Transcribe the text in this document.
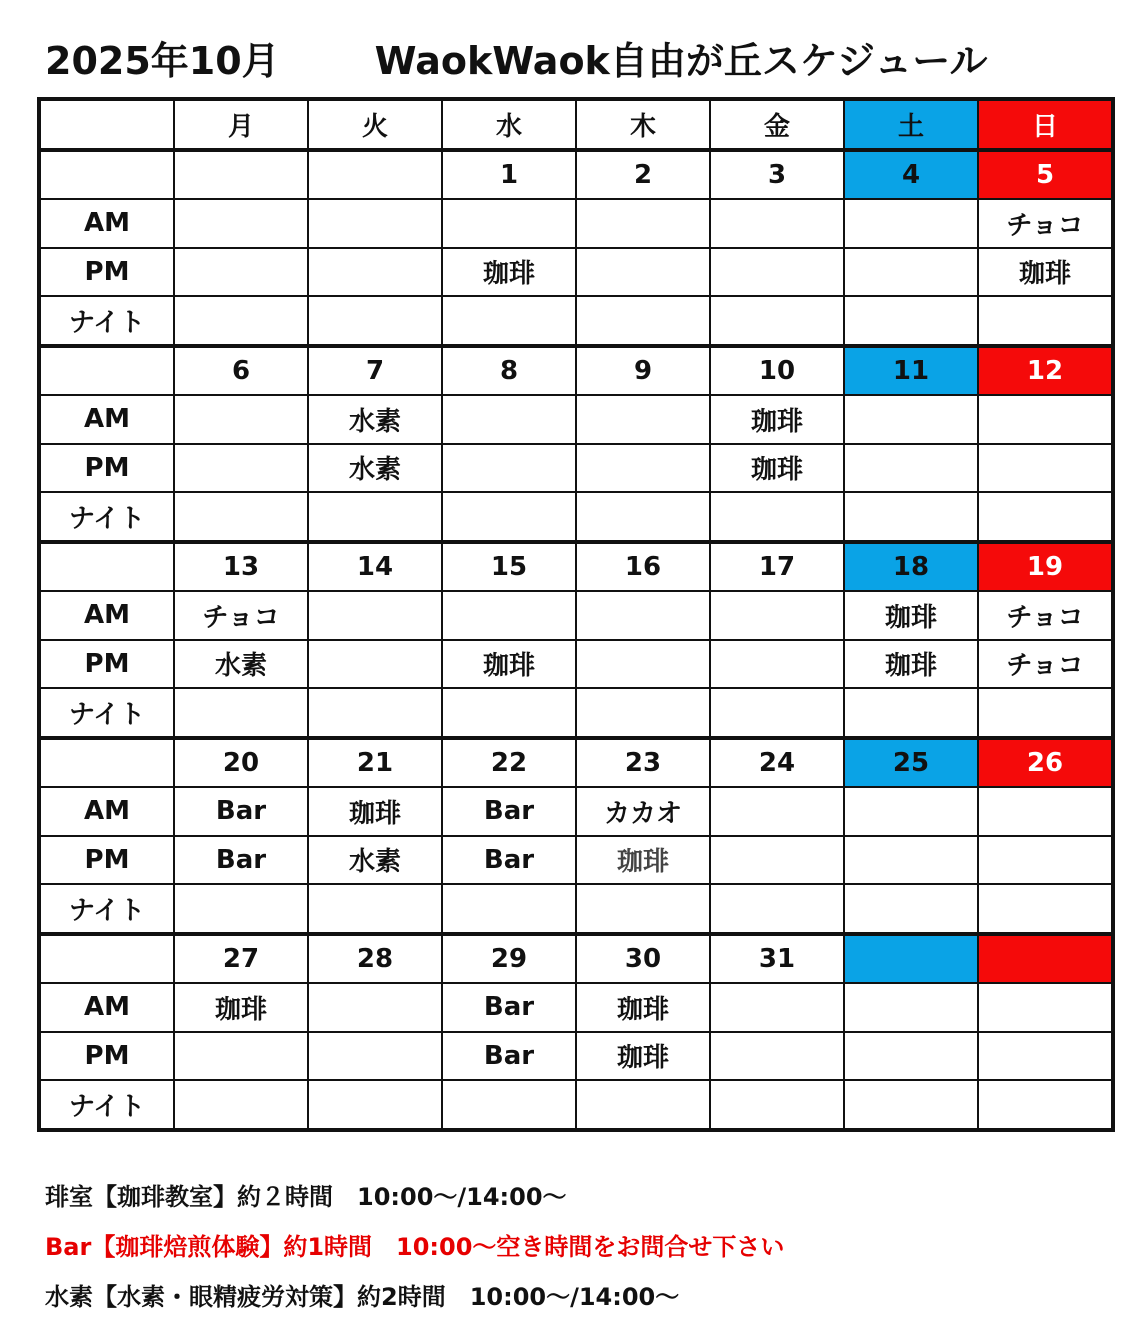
2025年10月	WaokWaok自由が丘スケジュール
	月	火	水	木	金	土	日
			1	2	3	4	5
AM							チョコ
PM			珈琲				珈琲
ナイト							
	6	7	8	9	10	11	12
AM		水素			珈琲		
PM		水素			珈琲		
ナイト							
	13	14	15	16	17	18	19
AM	チョコ					珈琲	チョコ
PM	水素		珈琲			珈琲	チョコ
ナイト							
	20	21	22	23	24	25	26
AM	Bar	珈琲	Bar	カカオ			
PM	Bar	水素	Bar	珈琲			
ナイト							
	27	28	29	30	31		
AM	珈琲		Bar	珈琲			
PM			Bar	珈琲			
ナイト							
琲室【珈琲教室】約２時間　10:00～/14:00～
Bar【珈琲焙煎体験】約1時間　10:00～空き時間をお問合せ下さい
水素【水素・眼精疲労対策】約2時間　10:00～/14:00～
